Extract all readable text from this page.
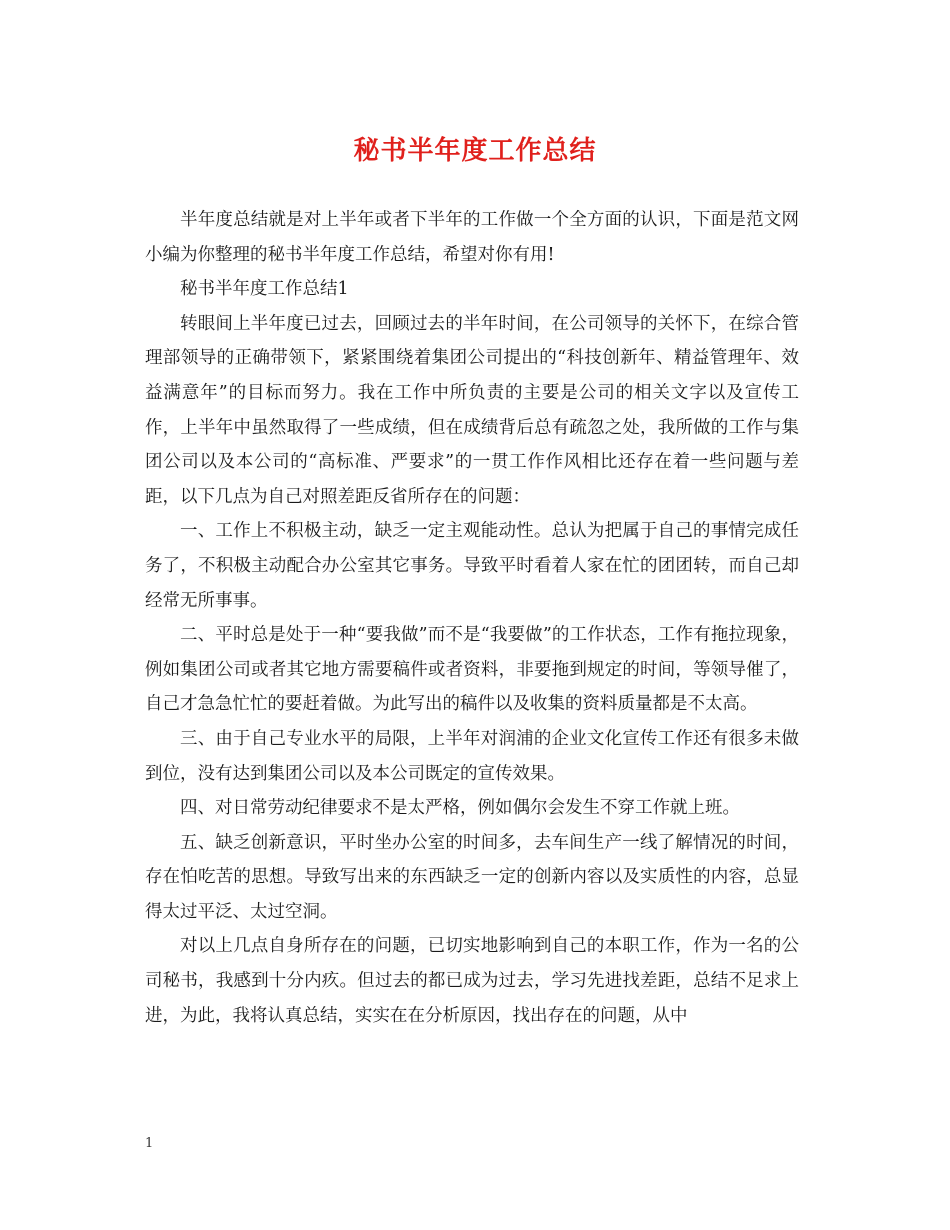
秘书半年度工作总结

半年度总结就是对上半年或者下半年的工作做一个全方面的认识，下面是范文网小编为你整理的秘书半年度工作总结，希望对你有用!

秘书半年度工作总结1

转眼间上半年度已过去，回顾过去的半年时间，在公司领导的关怀下，在综合管理部领导的正确带领下，紧紧围绕着集团公司提出的“科技创新年、精益管理年、效益满意年”的目标而努力。我在工作中所负责的主要是公司的相关文字以及宣传工作，上半年中虽然取得了一些成绩，但在成绩背后总有疏忽之处，我所做的工作与集团公司以及本公司的“高标准、严要求”的一贯工作作风相比还存在着一些问题与差距，以下几点为自己对照差距反省所存在的问题：

一、工作上不积极主动，缺乏一定主观能动性。总认为把属于自己的事情完成任务了，不积极主动配合办公室其它事务。导致平时看着人家在忙的团团转，而自己却经常无所事事。

二、平时总是处于一种“要我做”而不是“我要做”的工作状态，工作有拖拉现象，例如集团公司或者其它地方需要稿件或者资料，非要拖到规定的时间，等领导催了，自己才急急忙忙的要赶着做。为此写出的稿件以及收集的资料质量都是不太高。

三、由于自己专业水平的局限，上半年对润浦的企业文化宣传工作还有很多未做到位，没有达到集团公司以及本公司既定的宣传效果。

四、对日常劳动纪律要求不是太严格，例如偶尔会发生不穿工作就上班。

五、缺乏创新意识，平时坐办公室的时间多，去车间生产一线了解情况的时间，存在怕吃苦的思想。导致写出来的东西缺乏一定的创新内容以及实质性的内容，总显得太过平泛、太过空洞。

对以上几点自身所存在的问题，已切实地影响到自己的本职工作，作为一名的公司秘书，我感到十分内疚。但过去的都已成为过去，学习先进找差距，总结不足求上进，为此，我将认真总结，实实在在分析原因，找出存在的问题，从中

1
